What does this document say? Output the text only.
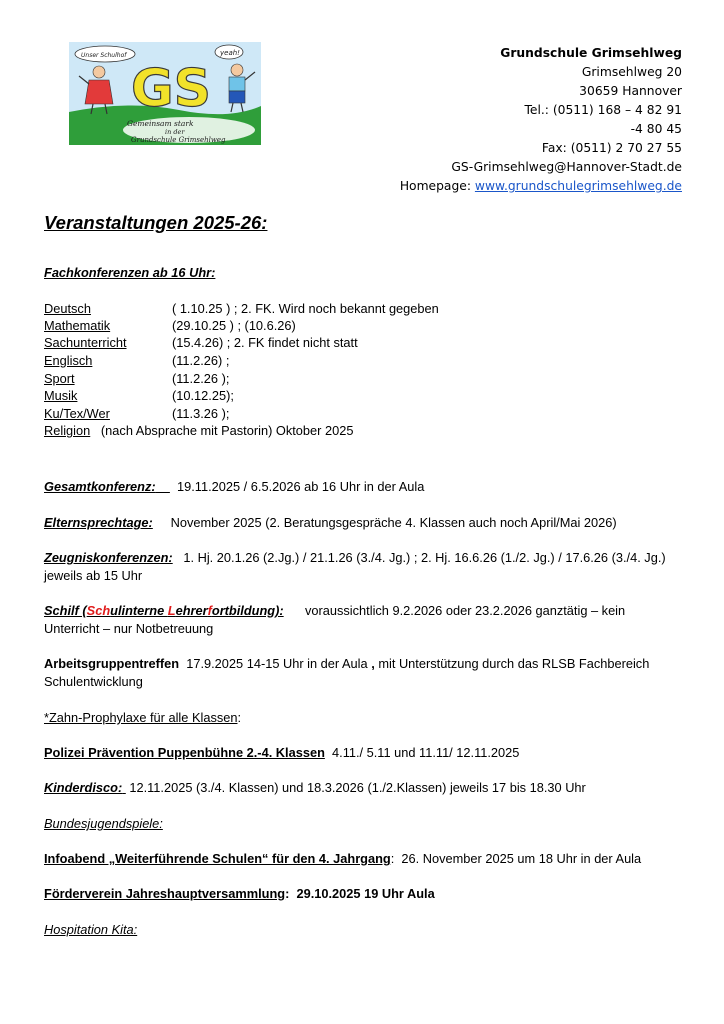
Unser Schulhof	yeah!
GS
Gemeinsam stark
in der
Grundschule Grimsehlweg
Grundschule Grimsehlweg
Grimsehlweg 20
30659 Hannover
Tel.: (0511) 168 – 4 82 91
-4 80 45
Fax: (0511) 2 70 27 55
GS-Grimsehlweg@Hannover-Stadt.de
Homepage: www.grundschulegrimsehlweg.de
Veranstaltungen 2025-26:
Fachkonferenzen ab 16 Uhr:
Deutsch	( 1.10.25 ) ; 2. FK. Wird noch bekannt gegeben
Mathematik	(29.10.25 ) ; (10.6.26)
Sachunterricht	(15.4.26) ; 2. FK findet nicht statt
Englisch	(11.2.26) ;
Sport	(11.2.26 );
Musik	(10.12.25);
Ku/Tex/Wer	(11.3.26 );
Religion (nach Absprache mit Pastorin) Oktober 2025
Gesamtkonferenz: 19.11.2025 / 6.5.2026 ab 16 Uhr in der Aula
Elternsprechtage: November 2025 (2. Beratungsgespräche 4. Klassen auch noch April/Mai 2026)
Zeugniskonferenzen: 1. Hj. 20.1.26 (2.Jg.) / 21.1.26 (3./4. Jg.) ; 2. Hj. 16.6.26 (1./2. Jg.) / 17.6.26 (3./4. Jg.) jeweils ab 15 Uhr
Schilf (Schulinterne Lehrerfortbildung): voraussichtlich 9.2.2026 oder 23.2.2026 ganztätig – kein Unterricht – nur Notbetreuung
Arbeitsgruppentreffen 17.9.2025 14-15 Uhr in der Aula , mit Unterstützung durch das RLSB Fachbereich Schulentwicklung
*Zahn-Prophylaxe für alle Klassen:
Polizei Prävention Puppenbühne 2.-4. Klassen 4.11./ 5.11 und 11.11/ 12.11.2025
Kinderdisco: 12.11.2025 (3./4. Klassen) und 18.3.2026 (1./2.Klassen) jeweils 17 bis 18.30 Uhr
Bundesjugendspiele:
Infoabend „Weiterführende Schulen“ für den 4. Jahrgang:  26. November 2025 um 18 Uhr in der Aula
Förderverein Jahreshauptversammlung:  29.10.2025 19 Uhr Aula
Hospitation Kita:
